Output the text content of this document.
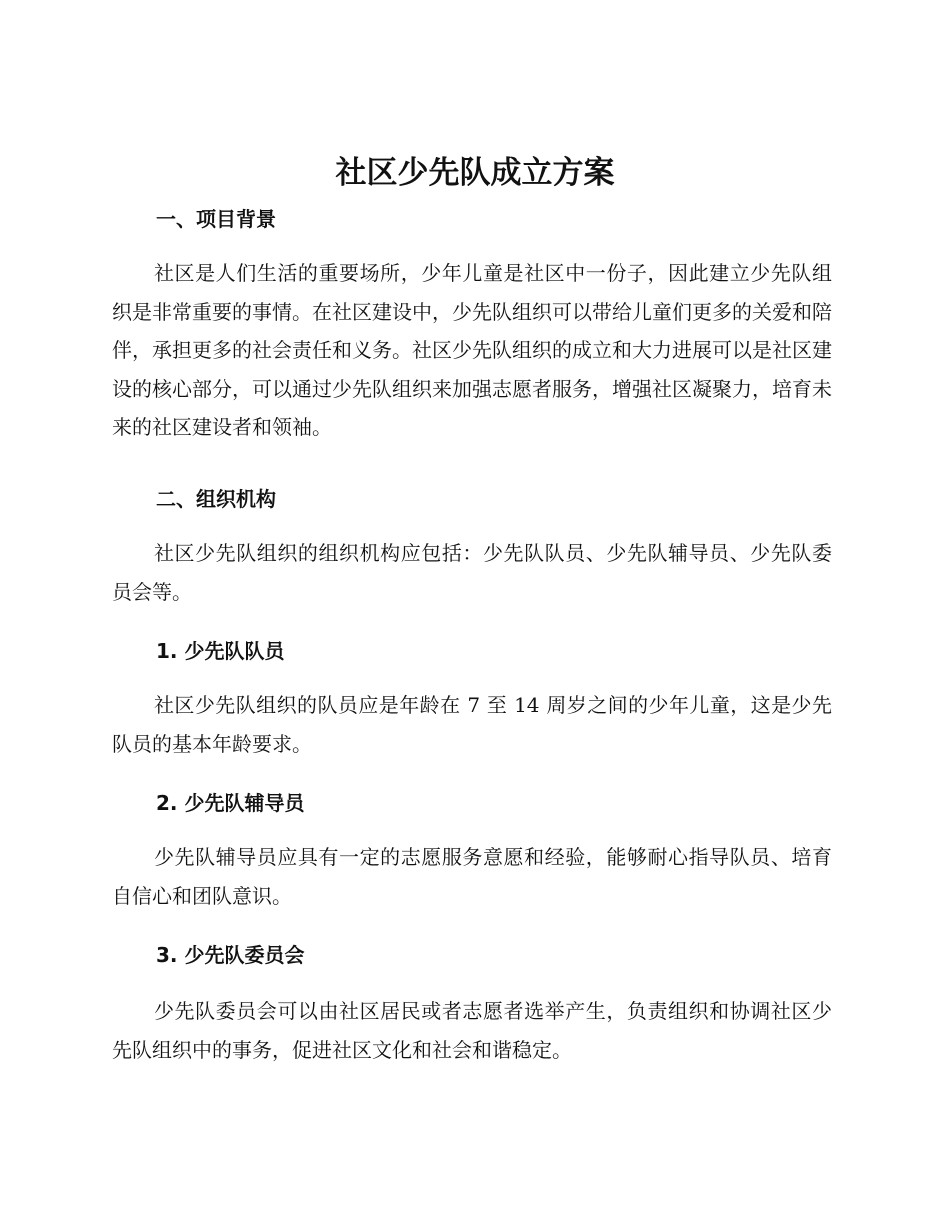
社区少先队成立方案
一、项目背景

社区是人们生活的重要场所，少年儿童是社区中一份子，因此建立少先队组织是非常重要的事情。在社区建设中，少先队组织可以带给儿童们更多的关爱和陪伴，承担更多的社会责任和义务。社区少先队组织的成立和大力进展可以是社区建设的核心部分，可以通过少先队组织来加强志愿者服务，增强社区凝聚力，培育未来的社区建设者和领袖。

二、组织机构

社区少先队组织的组织机构应包括：少先队队员、少先队辅导员、少先队委员会等。

1. 少先队队员

社区少先队组织的队员应是年龄在 7 至 14 周岁之间的少年儿童，这是少先队员的基本年龄要求。

2. 少先队辅导员

少先队辅导员应具有一定的志愿服务意愿和经验，能够耐心指导队员、培育自信心和团队意识。

3. 少先队委员会

少先队委员会可以由社区居民或者志愿者选举产生，负责组织和协调社区少先队组织中的事务，促进社区文化和社会和谐稳定。
